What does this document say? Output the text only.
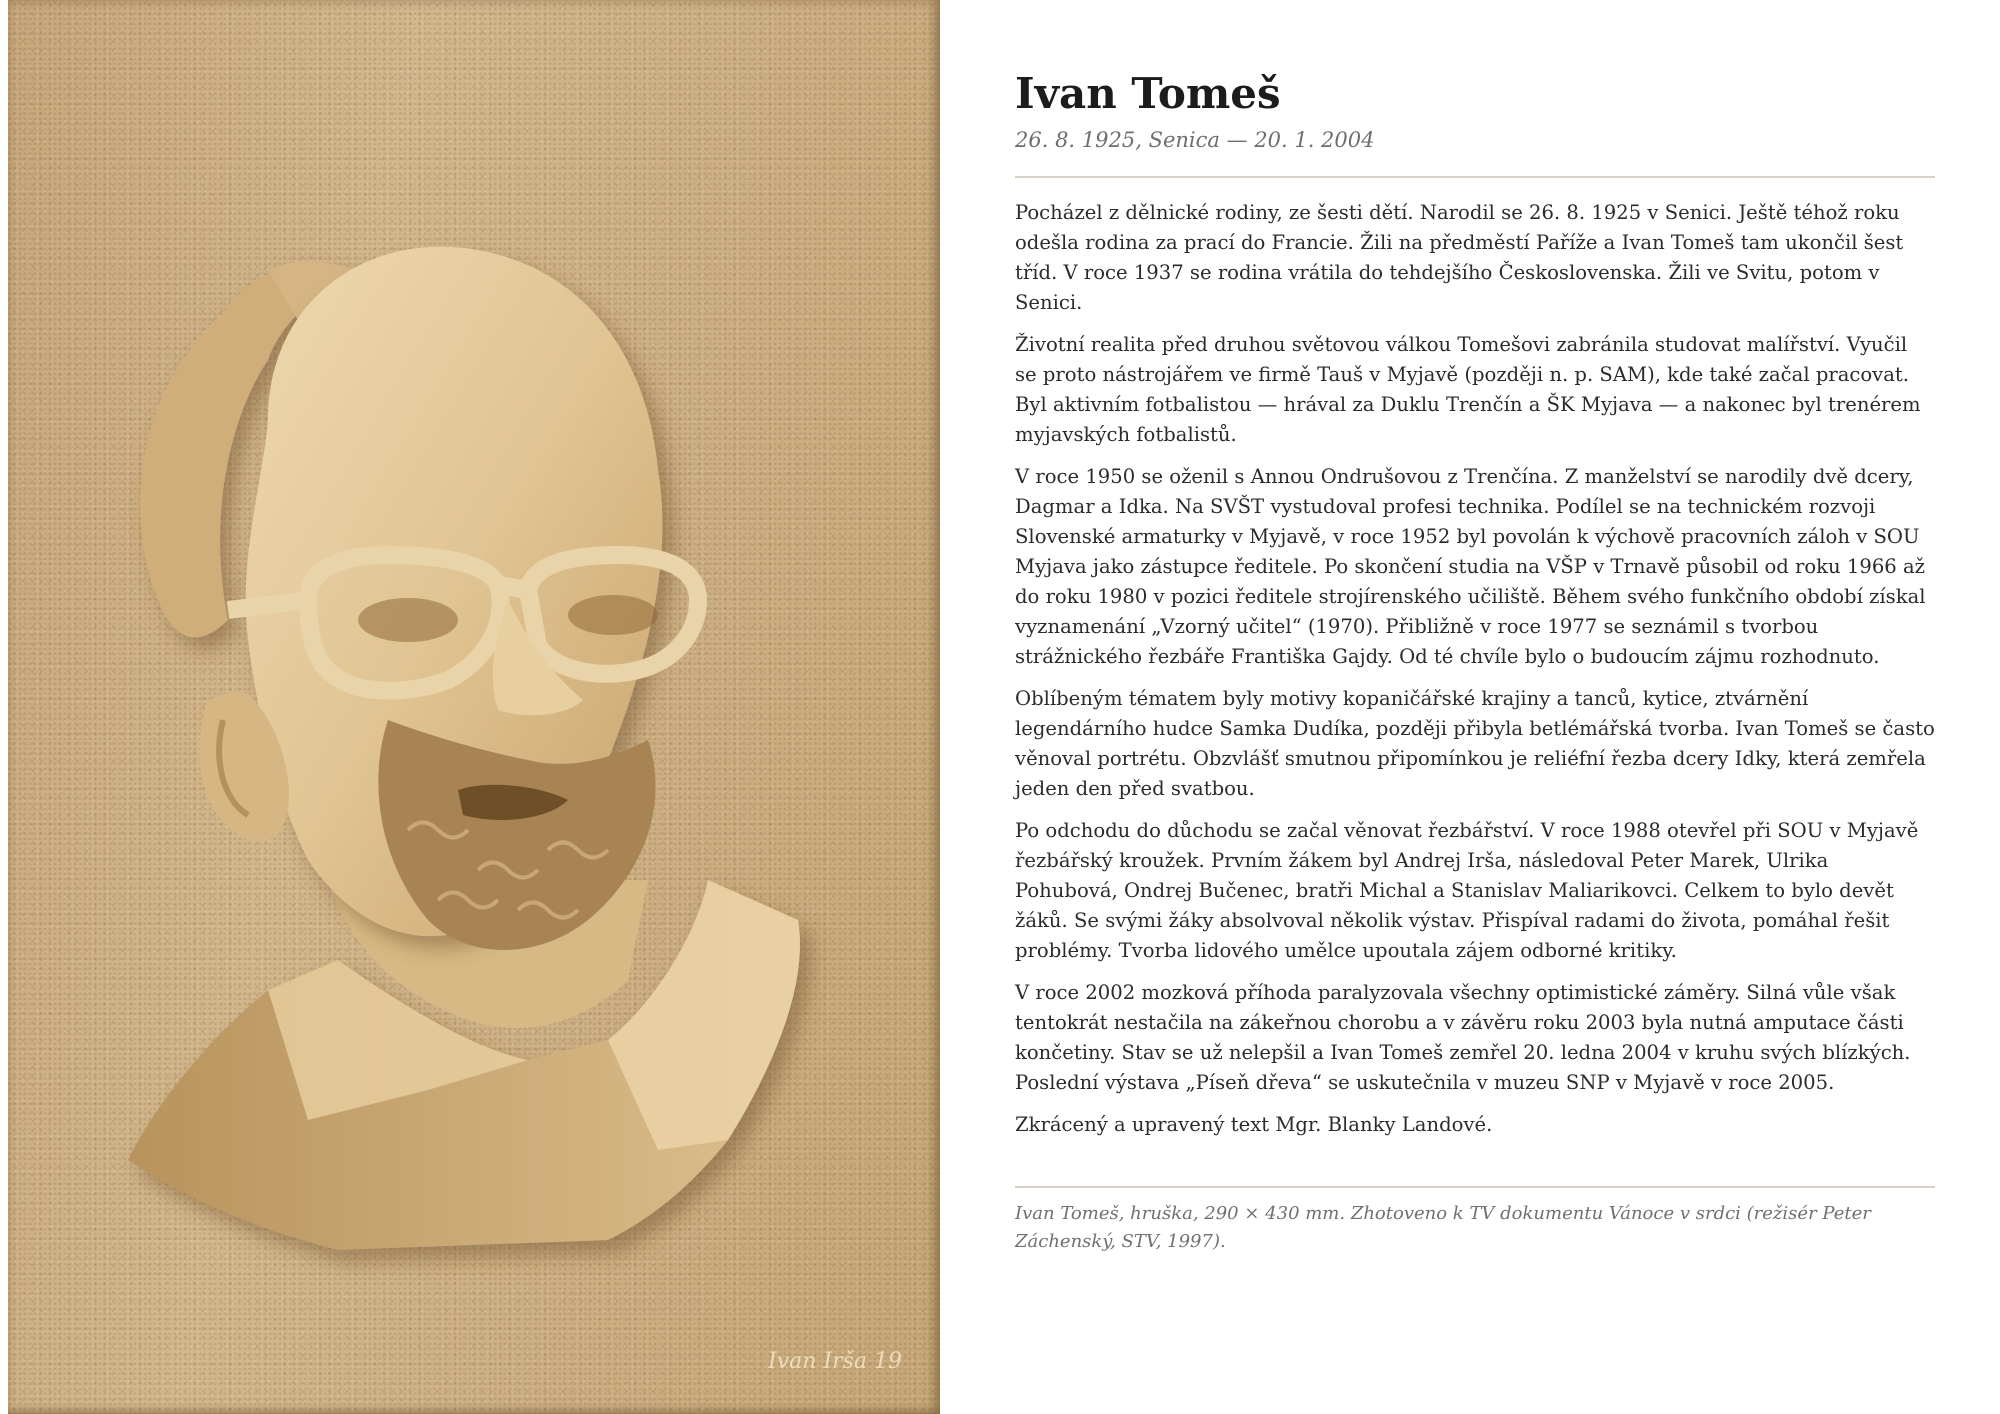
Ivan Irša 19
Ivan Tomeš

26. 8. 1925, Senica — 20. 1. 2004

Pocházel z dělnické rodiny, ze šesti dětí. Narodil se 26. 8. 1925 v Senici. Ještě téhož roku odešla rodina za prací do Francie. Žili na předměstí Paříže a Ivan Tomeš tam ukončil šest tříd. V roce 1937 se rodina vrátila do tehdejšího Československa. Žili ve Svitu, potom v Senici.

Životní realita před druhou světovou válkou Tomešovi zabránila studovat malířství. Vyučil se proto nástrojářem ve firmě Tauš v Myjavě (později n. p. SAM), kde také začal pracovat. Byl aktivním fotbalistou — hrával za Duklu Trenčín a ŠK Myjava — a nakonec byl trenérem myjavských fotbalistů.

V roce 1950 se oženil s Annou Ondrušovou z Trenčína. Z manželství se narodily dvě dcery, Dagmar a Idka. Na SVŠT vystudoval profesi technika. Podílel se na technickém rozvoji Slovenské armaturky v Myjavě, v roce 1952 byl povolán k výchově pracovních záloh v SOU Myjava jako zástupce ředitele. Po skončení studia na VŠP v Trnavě působil od roku 1966 až do roku 1980 v pozici ředitele strojírenského učiliště. Během svého funkčního období získal vyznamenání „Vzorný učitel“ (1970). Přibližně v roce 1977 se seznámil s tvorbou strážnického řezbáře Františka Gajdy. Od té chvíle bylo o budoucím zájmu rozhodnuto.

Oblíbeným tématem byly motivy kopaničářské krajiny a tanců, kytice, ztvárnění legendárního hudce Samka Dudíka, později přibyla betlémářská tvorba. Ivan Tomeš se často věnoval portrétu. Obzvlášť smutnou připomínkou je reliéfní řezba dcery Idky, která zemřela jeden den před svatbou.

Po odchodu do důchodu se začal věnovat řezbářství. V roce 1988 otevřel při SOU v Myjavě řezbářský kroužek. Prvním žákem byl Andrej Irša, následoval Peter Marek, Ulrika Pohubová, Ondrej Bučenec, bratři Michal a Stanislav Maliarikovci. Celkem to bylo devět žáků. Se svými žáky absolvoval několik výstav. Přispíval radami do života, pomáhal řešit problémy. Tvorba lidového umělce upoutala zájem odborné kritiky.

V roce 2002 mozková příhoda paralyzovala všechny optimistické záměry. Silná vůle však tentokrát nestačila na zákeřnou chorobu a v závěru roku 2003 byla nutná amputace části končetiny. Stav se už nelepšil a Ivan Tomeš zemřel 20. ledna 2004 v kruhu svých blízkých. Poslední výstava „Píseň dřeva“ se uskutečnila v muzeu SNP v Myjavě v roce 2005.

Zkrácený a upravený text Mgr. Blanky Landové.

Ivan Tomeš, hruška, 290 × 430 mm. Zhotoveno k TV dokumentu Vánoce v srdci (režisér Peter Záchenský, STV, 1997).
